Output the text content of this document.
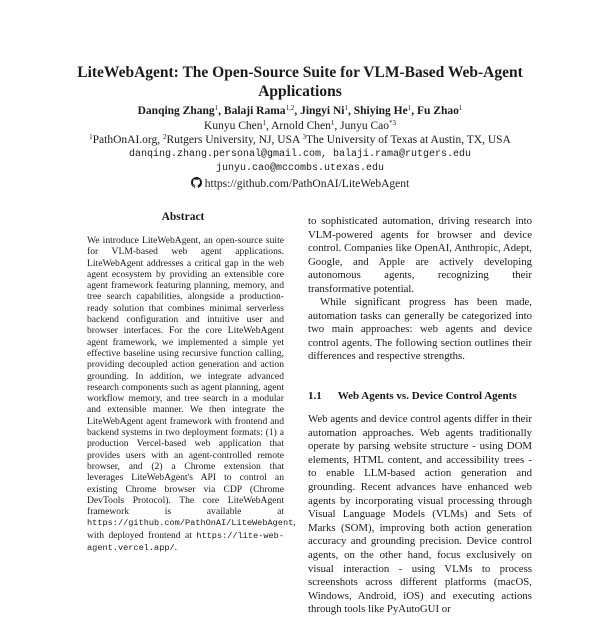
LiteWebAgent: The Open-Source Suite for VLM-Based Web-Agent Applications
Danqing Zhang$^1$, Balaji Rama$^{1,2}$, Jingyi Ni$^1$, Shiying He$^1$, Fu Zhao$^1$
Kunyu Chen$^1$, Arnold Chen$^1$, Junyu Cao$^{*3}$
$^1$PathOnAI.org, $^2$Rutgers University, NJ, USA $^3$The University of Texas at Austin, TX, USA
danqing.zhang.personal@gmail.com, balaji.rama@rutgers.edu
junyu.cao@mccombs.utexas.edu
https://github.com/PathOnAI/LiteWebAgent
Abstract
We introduce LiteWebAgent, an open-source suite for VLM-based web agent applications. LiteWebAgent addresses a critical gap in the web agent ecosystem by providing an extensible core agent framework featuring planning, memory, and tree search capabilities, alongside a production-ready solution that combines minimal serverless backend configuration and intuitive user and browser interfaces. For the core LiteWebAgent agent framework, we implemented a simple yet effective baseline using recursive function calling, providing decoupled action generation and action grounding. In addition, we integrate advanced research components such as agent planning, agent workflow memory, and tree search in a modular and extensible manner. We then integrate the LiteWebAgent agent framework with frontend and backend systems in two deployment formats: (1) a production Vercel-based web application that provides users with an agent-controlled remote browser, and (2) a Chrome extension that leverages LiteWebAgent's API to control an existing Chrome browser via CDP (Chrome DevTools Protocol). The core LiteWebAgent framework is available at https://github.com/PathOnAI/LiteWebAgent, with deployed frontend at https://lite-web-agent.vercel.app/.
to sophisticated automation, driving research into VLM-powered agents for browser and device control. Companies like OpenAI, Anthropic, Adept, Google, and Apple are actively developing autonomous agents, recognizing their transformative potential.
While significant progress has been made, automation tasks can generally be categorized into two main approaches: web agents and device control agents. The following section outlines their differences and respective strengths.
1.1 Web Agents vs. Device Control Agents
Web agents and device control agents differ in their automation approaches. Web agents traditionally operate by parsing website structure - using DOM elements, HTML content, and accessibility trees - to enable LLM-based action generation and grounding. Recent advances have enhanced web agents by incorporating visual processing through Visual Language Models (VLMs) and Sets of Marks (SOM), improving both action generation accuracy and grounding precision. Device control agents, on the other hand, focus exclusively on visual interaction - using VLMs to process screenshots across different platforms (macOS, Windows, Android, iOS) and executing actions through tools like PyAutoGUI or
